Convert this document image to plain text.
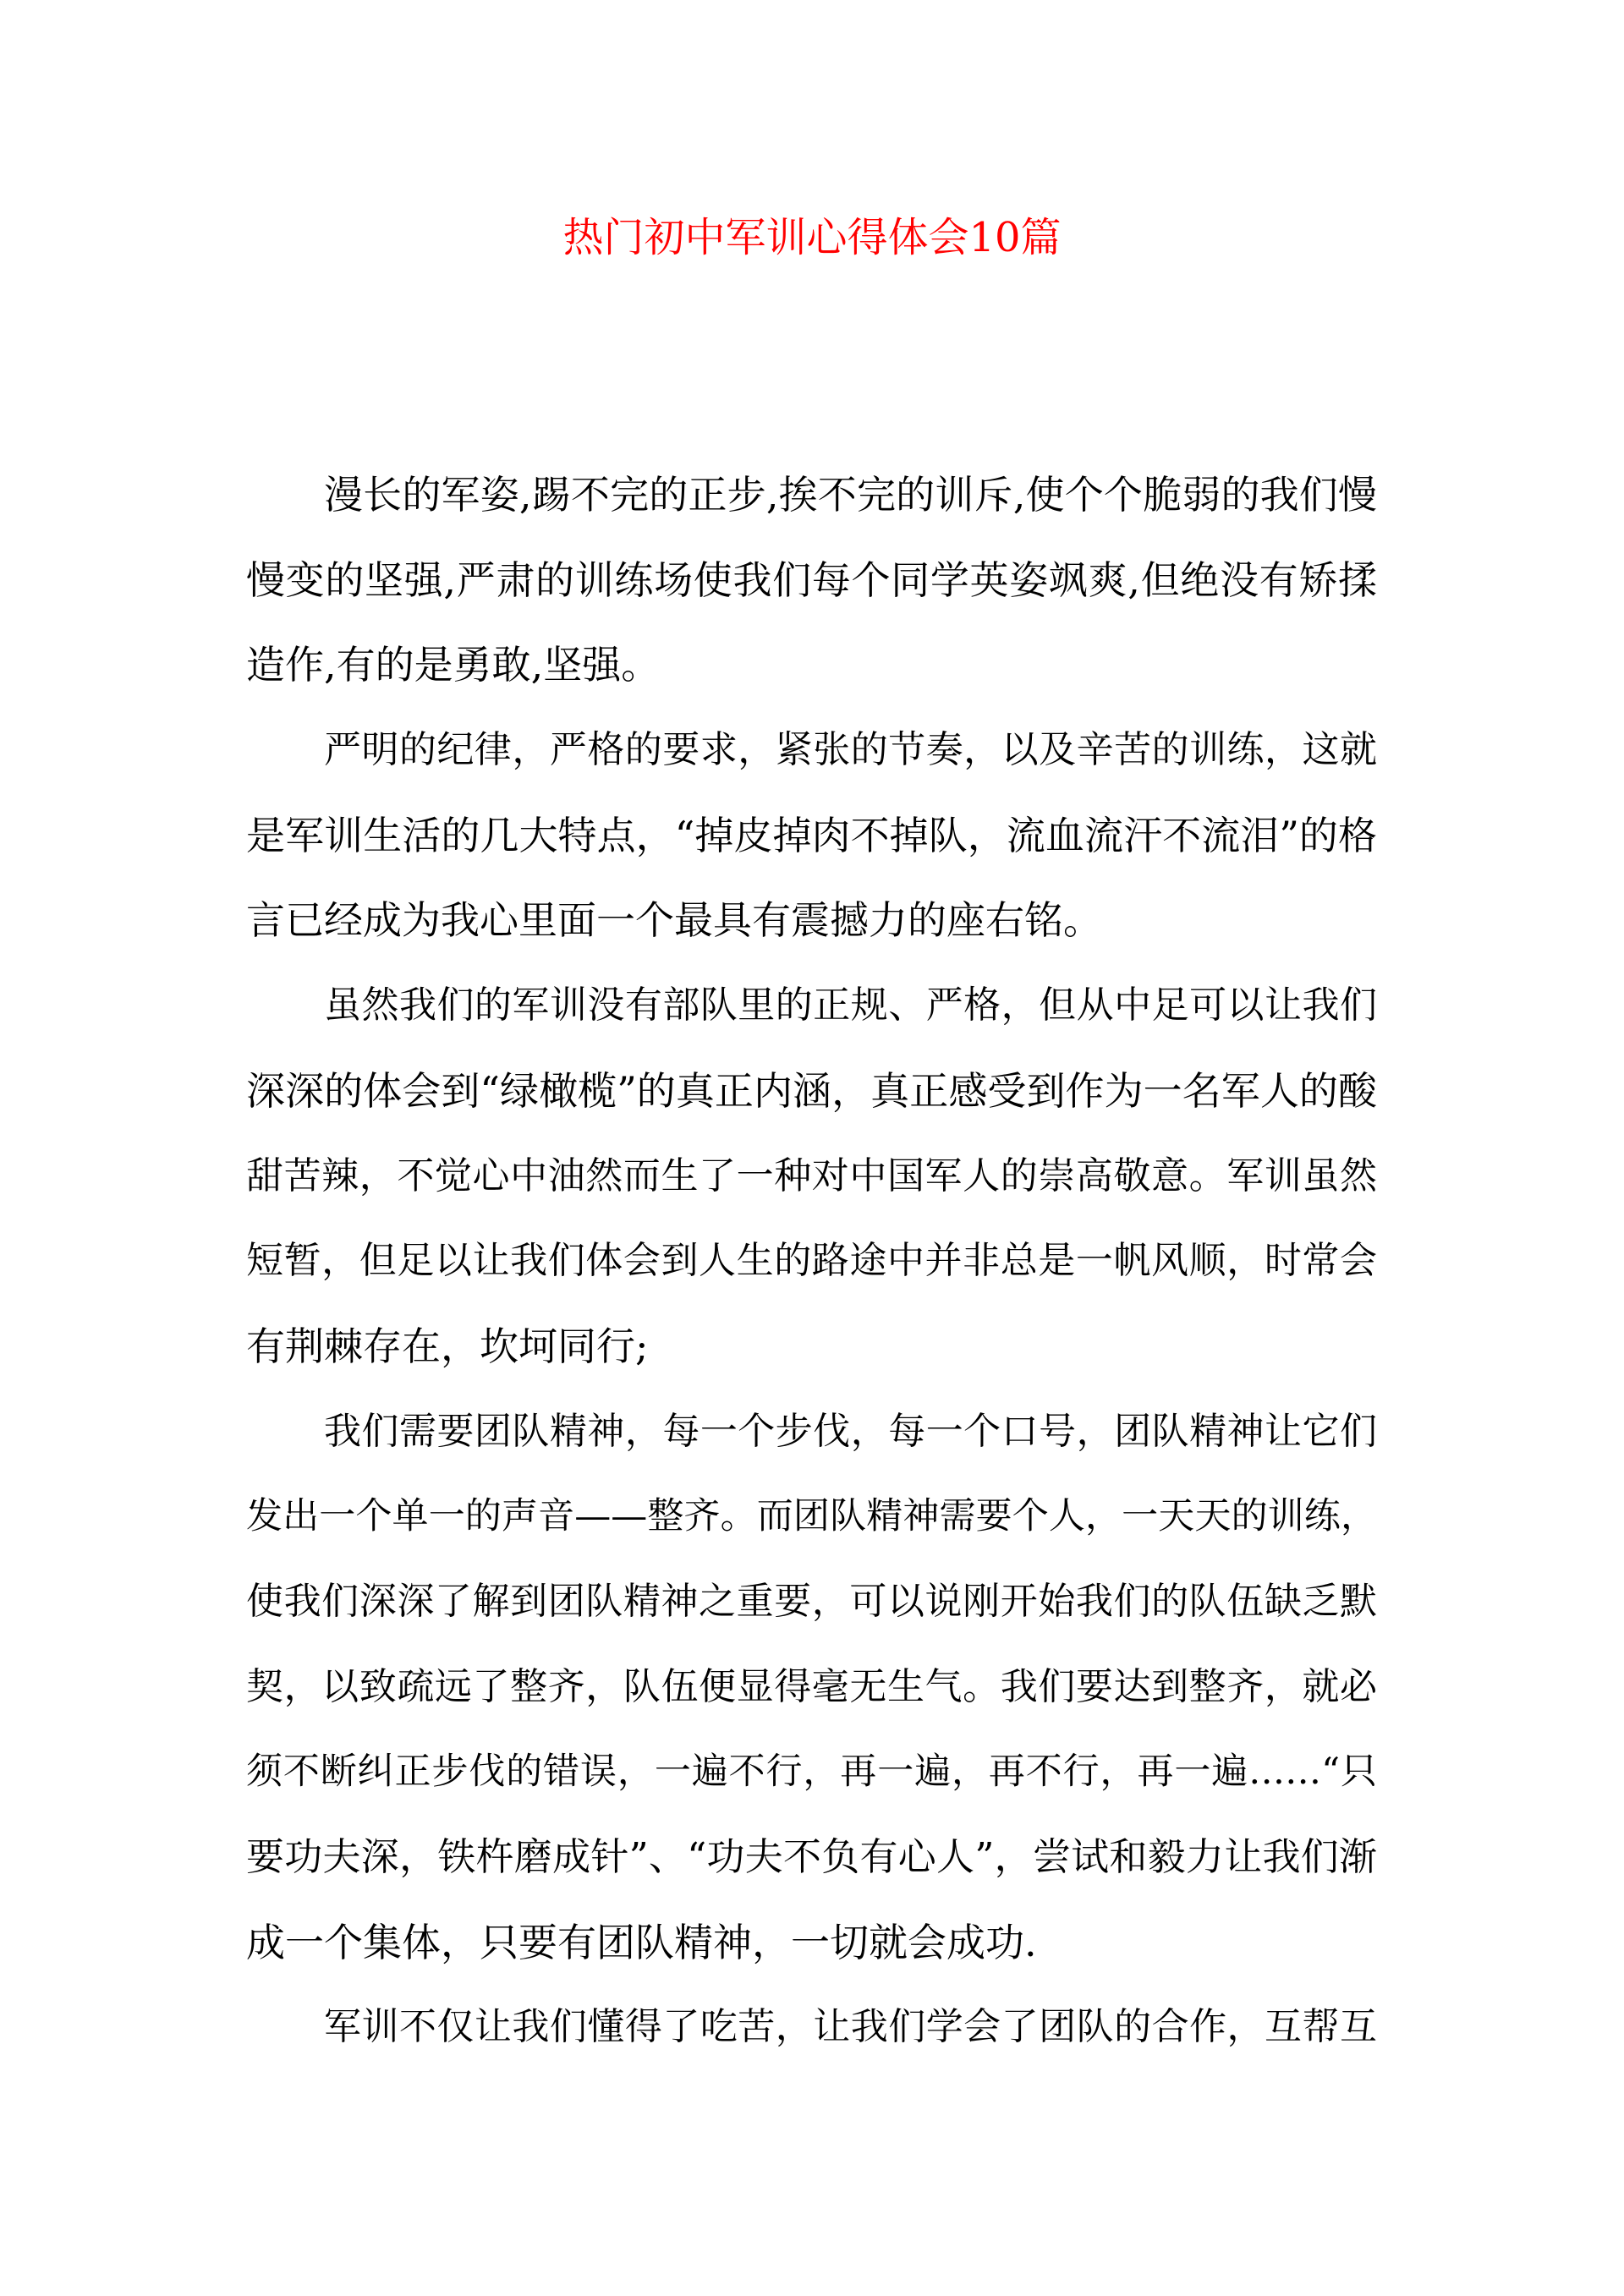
热门初中军训心得体会10篇
漫长的军姿,踢不完的正步,挨不完的训斥,使个个脆弱的我们慢
慢变的坚强,严肃的训练场使我们每个同学英姿飒爽,但绝没有矫揉
造作,有的是勇敢,坚强。
严明的纪律，严格的要求，紧张的节奏，以及辛苦的训练，这就
是军训生活的几大特点，“掉皮掉肉不掉队，流血流汗不流泪”的格
言已经成为我心里面一个最具有震撼力的座右铭。
虽然我们的军训没有部队里的正规、严格，但从中足可以让我们
深深的体会到“绿橄榄”的真正内涵，真正感受到作为一名军人的酸
甜苦辣，不觉心中油然而生了一种对中国军人的崇高敬意。军训虽然
短暂，但足以让我们体会到人生的路途中并非总是一帆风顺，时常会
有荆棘存在，坎坷同行;
我们需要团队精神，每一个步伐，每一个口号，团队精神让它们
发出一个单一的声音——整齐。而团队精神需要个人，一天天的训练，
使我们深深了解到团队精神之重要，可以说刚开始我们的队伍缺乏默
契，以致疏远了整齐，队伍便显得毫无生气。我们要达到整齐，就必
须不断纠正步伐的错误，一遍不行，再一遍，再不行，再一遍……“只
要功夫深，铁杵磨成针”、“功夫不负有心人”，尝试和毅力让我们渐
成一个集体，只要有团队精神，一切就会成功.
军训不仅让我们懂得了吃苦，让我们学会了团队的合作，互帮互
